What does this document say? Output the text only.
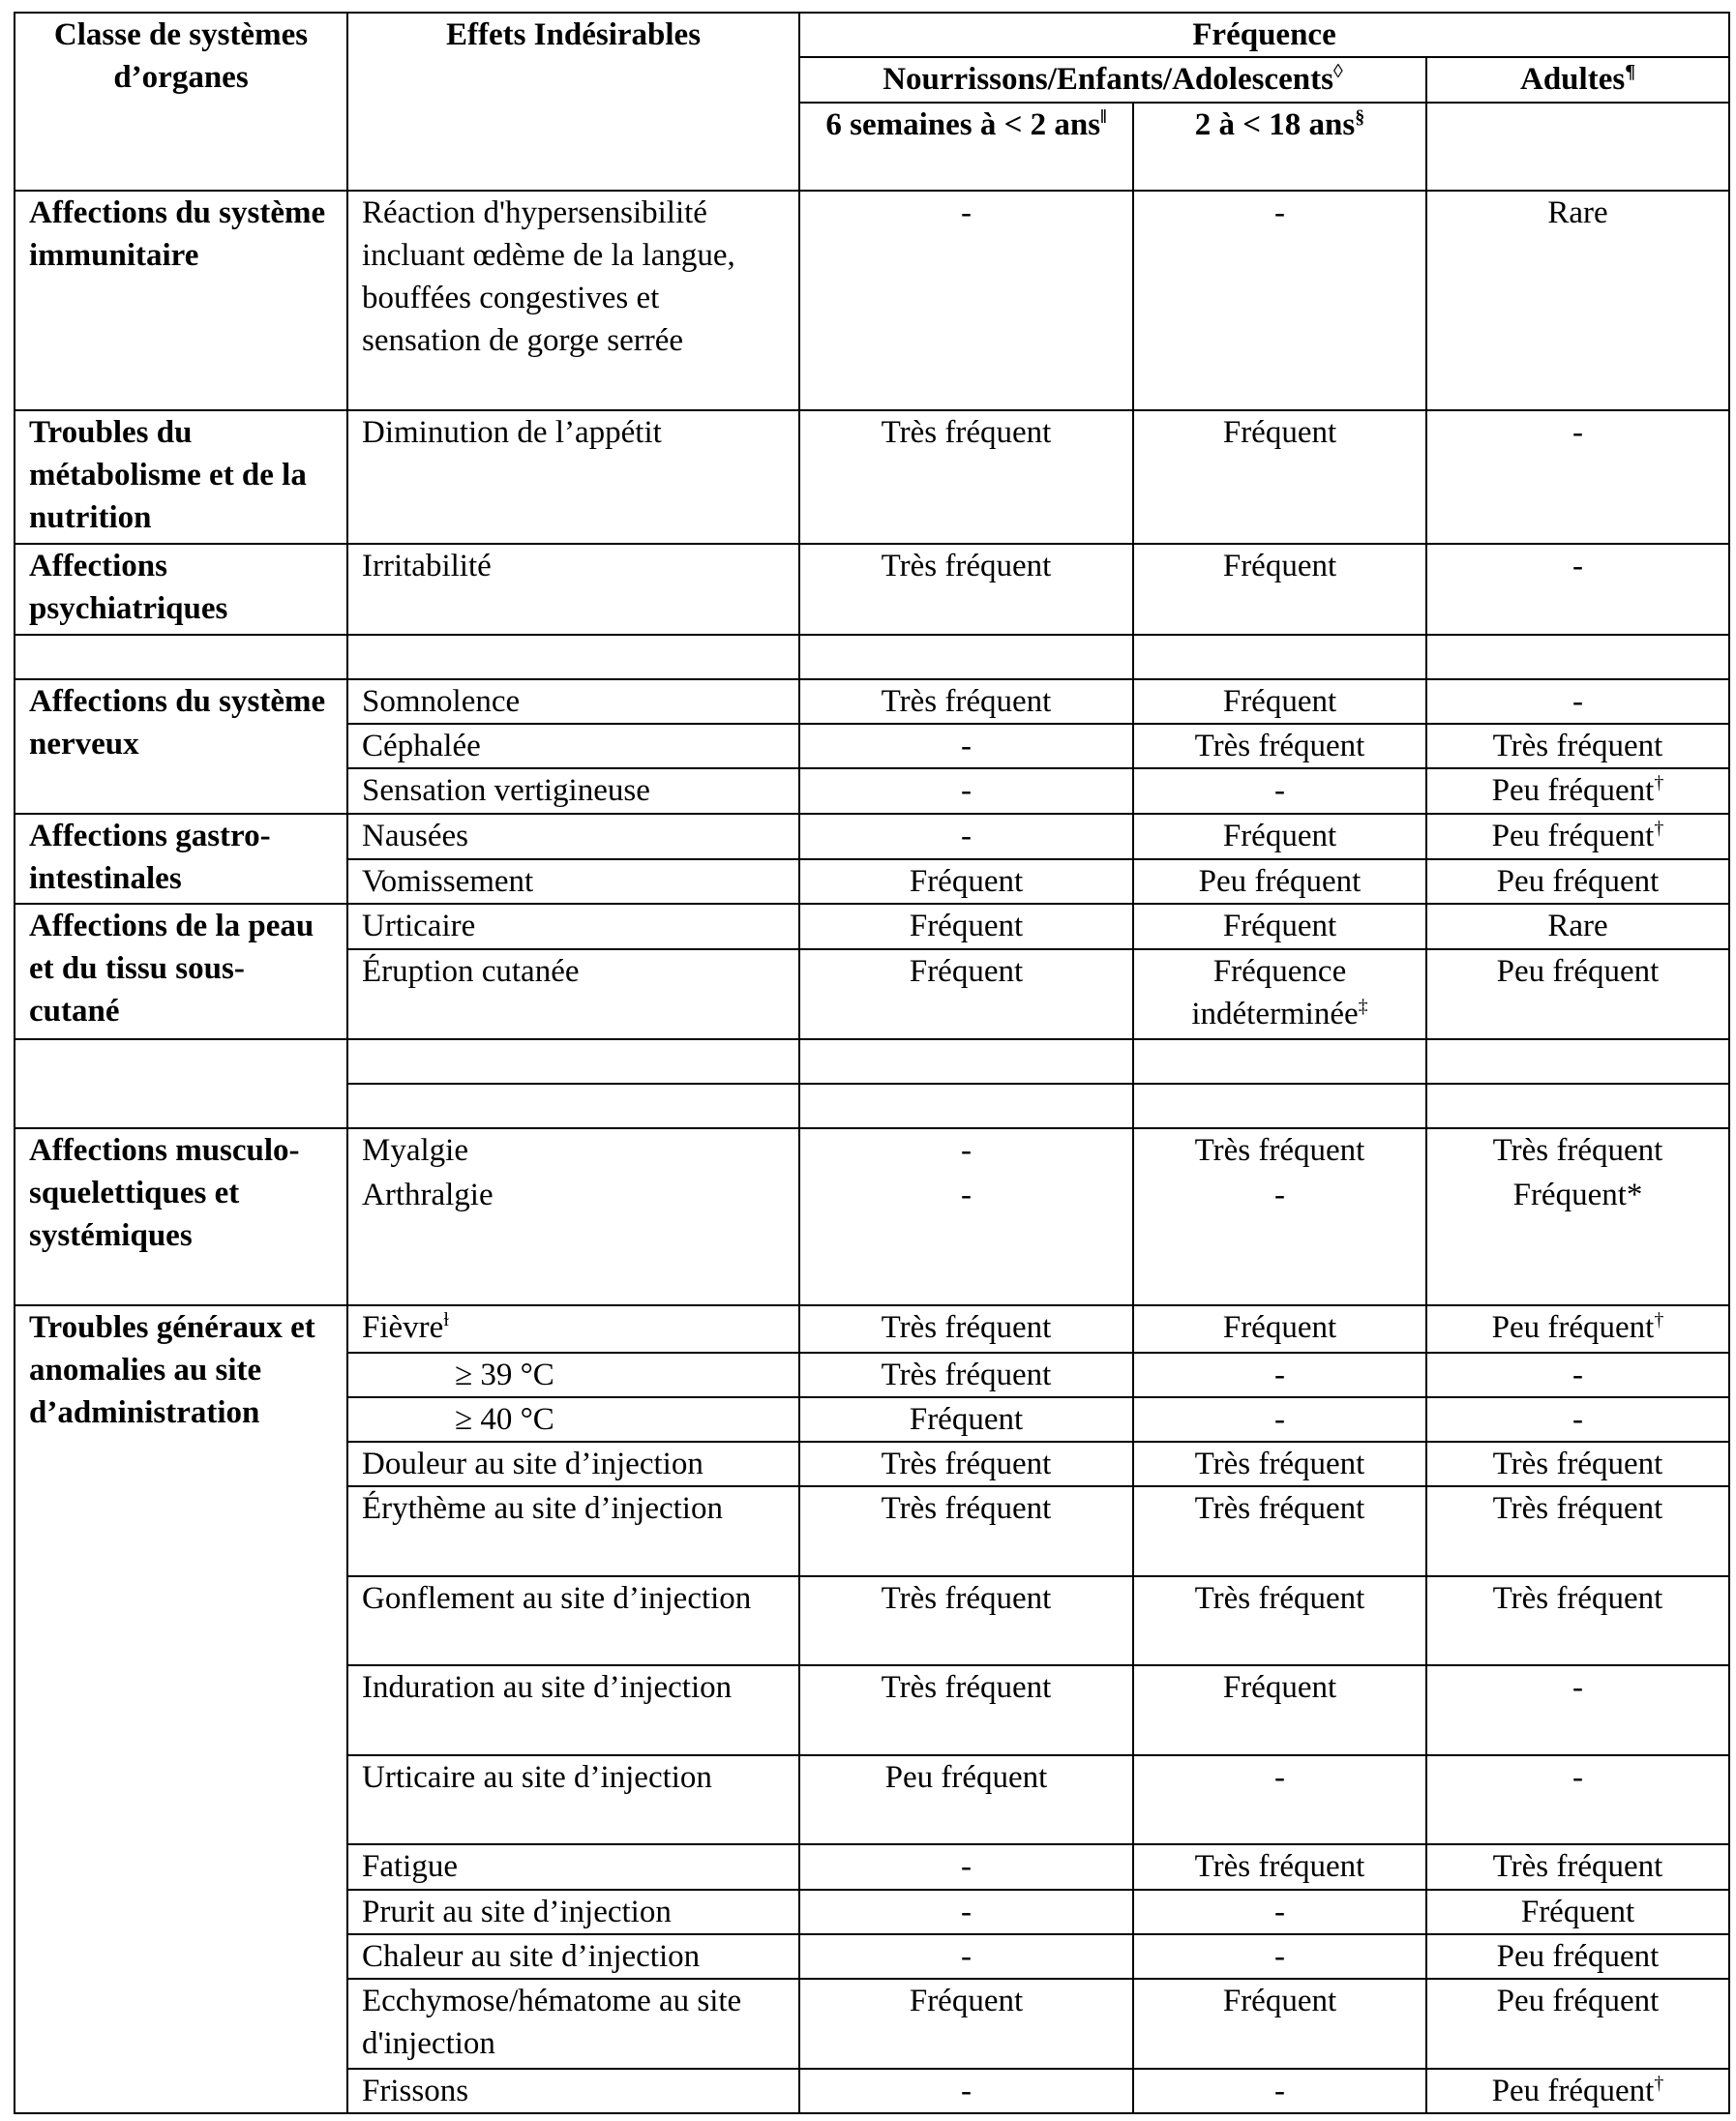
Classe de systèmes d’organes	Effets Indésirables	Fréquence		
		Nourrissons/Enfants/Adolescents◊		Adultes¶
		6 semaines à < 2 ans‖	2 à < 18 ans§	
Affections du système immunitaire	Réaction d'hypersensibilité incluant œdème de la langue, bouffées congestives et sensation de gorge serrée	-	-	Rare
Troubles du métabolisme et de la nutrition	Diminution de l’appétit	Très fréquent	Fréquent	-
Affections psychiatriques	Irritabilité	Très fréquent	Fréquent	-

Affections du système nerveux	Somnolence	Très fréquent	Fréquent	-
	Céphalée	-	Très fréquent	Très fréquent
	Sensation vertigineuse	-	-	Peu fréquent†
Affections gastro-intestinales	Nausées	-	Fréquent	Peu fréquent†
	Vomissement	Fréquent	Peu fréquent	Peu fréquent
Affections de la peau et du tissu sous-cutané	Urticaire	Fréquent	Fréquent	Rare
	Éruption cutanée	Fréquent	Fréquence indéterminée‡	Peu fréquent

Affections musculo-squelettiques et systémiques	Myalgie	-	Très fréquent	Très fréquent
	Arthralgie	-	-	Fréquent*
Troubles généraux et anomalies au site d’administration	Fièvre$^ɫ$	Très fréquent	Fréquent	Peu fréquent†
	≥ 39 °C	Très fréquent	-	-
	≥ 40 °C	Fréquent	-	-
	Douleur au site d’injection	Très fréquent	Très fréquent	Très fréquent
	Érythème au site d’injection	Très fréquent	Très fréquent	Très fréquent
	Gonflement au site d’injection	Très fréquent	Très fréquent	Très fréquent
	Induration au site d’injection	Très fréquent	Fréquent	-
	Urticaire au site d’injection	Peu fréquent	-	-
	Fatigue	-	Très fréquent	Très fréquent
	Prurit au site d’injection	-	-	Fréquent
	Chaleur au site d’injection	-	-	Peu fréquent
	Ecchymose/hématome au site d'injection	Fréquent	Fréquent	Peu fréquent
	Frissons	-	-	Peu fréquent†
